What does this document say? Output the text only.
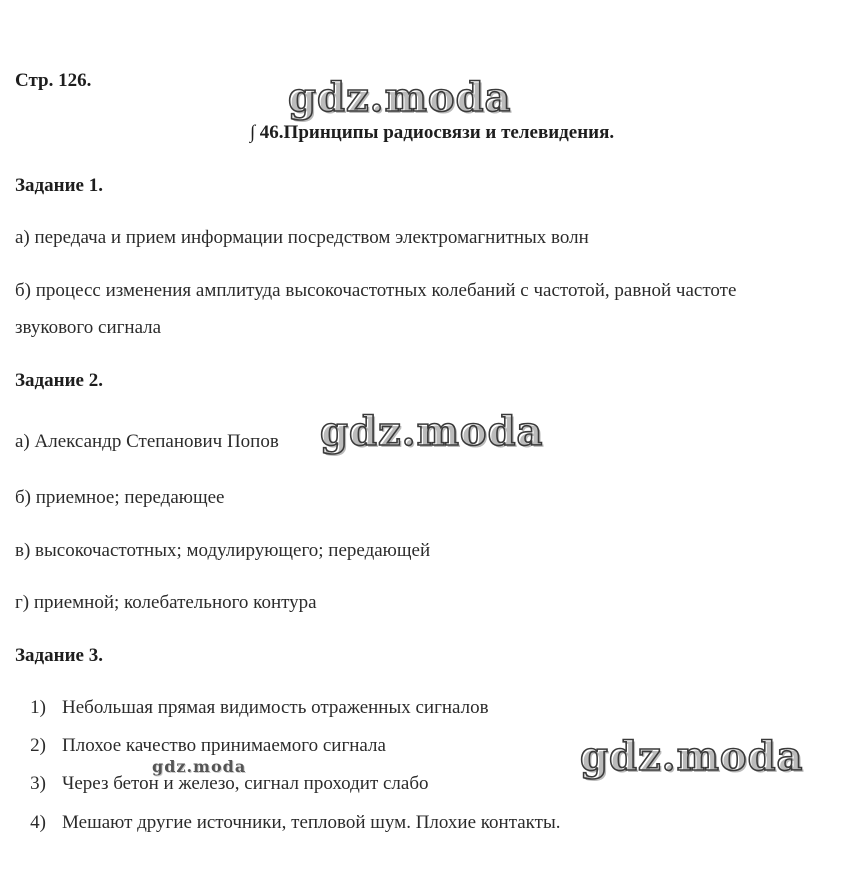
Стр. 126.	gdz.moda
∫ 46.Принципы радиосвязи и телевидения.
Задание 1.
а) передача и прием информации посредством электромагнитных волн
б) процесс изменения амплитуда высокочастотных колебаний с частотой, равной частоте
звукового сигнала
Задание 2.
а) Александр Степанович Попов gdz.moda
б) приемное; передающее
в) высокочастотных; модулирующего; передающей
г) приемной; колебательного контура
Задание 3.
1) Небольшая прямая видимость отраженных сигналов
2) Плохое качество принимаемого сигнала
3) Через бетон и железо, сигнал проходит слабо
4) Мешают другие источники, тепловой шум. Плохие контакты.
gdz.moda	gdz.moda
